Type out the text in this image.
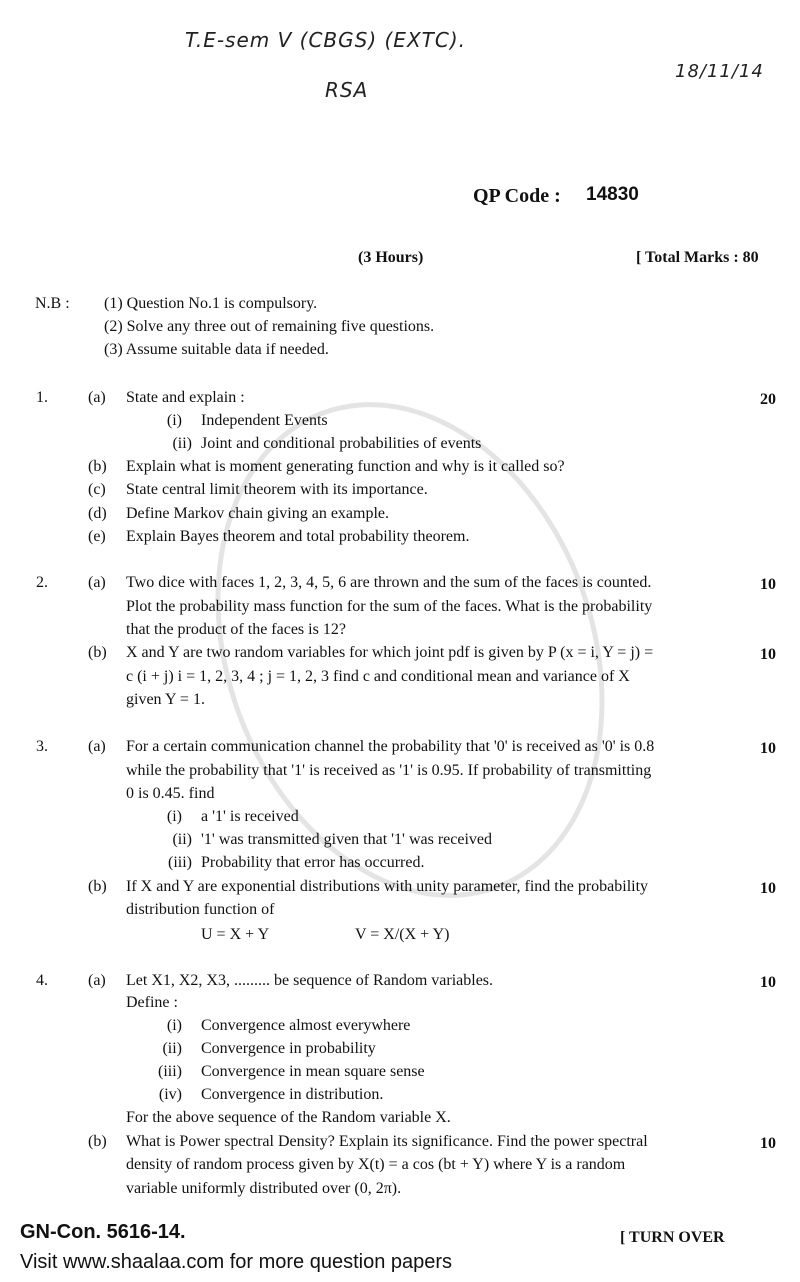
T.E-sem V (CBGS) (EXTC).
RSA
18/11/14
QP Code : 14830
(3 Hours)	[ Total Marks : 80
N.B : (1) Question No.1 is compulsory.
(2) Solve any three out of remaining five questions.
(3) Assume suitable data if needed.
1.	(a) State and explain :	20
(i) Independent Events
(ii) Joint and conditional probabilities of events
(b) Explain what is moment generating function and why is it called so?
(c) State central limit theorem with its importance.
(d) Define Markov chain giving an example.
(e) Explain Bayes theorem and total probability theorem.
2.	(a) Two dice with faces 1, 2, 3, 4, 5, 6 are thrown and the sum of the faces is counted.	10
Plot the probability mass function for the sum of the faces. What is the probability
that the product of the faces is 12?
(b) X and Y are two random variables for which joint pdf is given by P (x = i, Y = j) =	10
c (i + j) i = 1, 2, 3, 4 ; j = 1, 2, 3 find c and conditional mean and variance of X
given Y = 1.
3.	(a) For a certain communication channel the probability that '0' is received as '0' is 0.8	10
while the probability that '1' is received as '1' is 0.95. If probability of transmitting
0 is 0.45. find
(i) a '1' is received
(ii) '1' was transmitted given that '1' was received
(iii) Probability that error has occurred.
(b) If X and Y are exponential distributions with unity parameter, find the probability	10
distribution function of
U = X + Y	V = X/(X + Y)
4.	(a) Let X1, X2, X3, ......... be sequence of Random variables.	10
Define :
(i) Convergence almost everywhere
(ii) Convergence in probability
(iii) Convergence in mean square sense
(iv) Convergence in distribution.
For the above sequence of the Random variable X.
(b) What is Power spectral Density? Explain its significance. Find the power spectral	10
density of random process given by X(t) = a cos (bt + Y) where Y is a random
variable uniformly distributed over (0, 2π).
[ TURN OVER
GN-Con. 5616-14.
Visit www.shaalaa.com for more question papers
